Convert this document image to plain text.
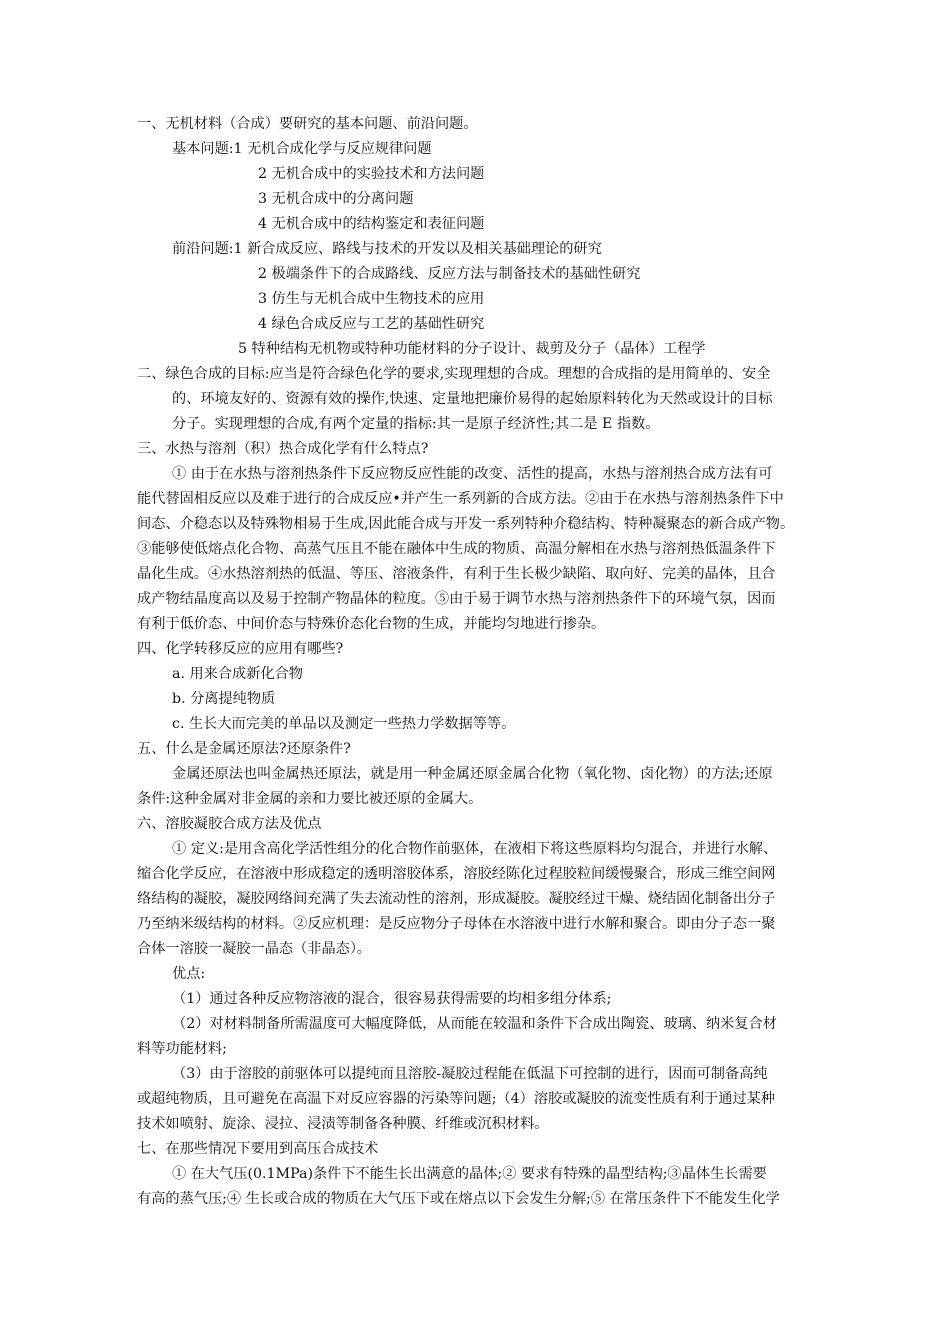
一、无机材料（合成）要研究的基本问题、前沿问题。
基本问题:1 无机合成化学与反应规律问题
2 无机合成中的实验技术和方法问题
3 无机合成中的分离问题
4 无机合成中的结构鉴定和表征问题
前沿问题:1 新合成反应、路线与技术的开发以及相关基础理论的研究
2 极端条件下的合成路线、反应方法与制备技术的基础性研究
3 仿生与无机合成中生物技术的应用
4 绿色合成反应与工艺的基础性研究
5 特种结构无机物或特种功能材料的分子设计、裁剪及分子（晶体）工程学
二、绿色合成的目标:应当是符合绿色化学的要求,实现理想的合成。理想的合成指的是用简单的、安全
的、环境友好的、资源有效的操作,快速、定量地把廉价易得的起始原料转化为天然或设计的目标
分子。实现理想的合成,有两个定量的指标:其一是原子经济性;其二是 E 指数。
三、水热与溶剂（积）热合成化学有什么特点?
① 由于在水热与溶剂热条件下反应物反应性能的改变、活性的提高，水热与溶剂热合成方法有可
能代替固相反应以及难于进行的合成反应•并产生一系列新的合成方法。②由于在水热与溶剂热条件下中
间态、介稳态以及特殊物相易于生成,因此能合成与开发一系列特种介稳结构、特种凝聚态的新合成产物。
③能够使低熔点化合物、高蒸气压且不能在融体中生成的物质、高温分解相在水热与溶剂热低温条件下
晶化生成。④水热溶剂热的低温、等压、溶液条件，有利于生长极少缺陷、取向好、完美的晶体，且合
成产物结晶度高以及易于控制产物晶体的粒度。⑤由于易于调节水热与溶剂热条件下的环境气氛，因而
有利于低价态、中间价态与特殊价态化台物的生成，并能均匀地进行掺杂。
四、化学转移反应的应用有哪些?
a. 用来合成新化合物
b. 分离提纯物质
c. 生长大而完美的单品以及测定一些热力学数据等等。
五、什么是金属还原法?还原条件?
金属还原法也叫金属热还原法，就是用一种金属还原金属合化物（氧化物、卤化物）的方法;还原
条件:这种金属对非金属的亲和力要比被还原的金属大。
六、溶胶凝胶合成方法及优点
① 定义:是用含高化学活性组分的化合物作前驱体，在液相下将这些原料均匀混合，并进行水解、
缩合化学反应，在溶液中形成稳定的透明溶胶体系，溶胶经陈化过程胶粒间缓慢聚合，形成三维空间网
络结构的凝胶，凝胶网络间充满了失去流动性的溶剂，形成凝胶。凝胶经过干燥、烧结固化制备出分子
乃至纳米级结构的材料。②反应机理：是反应物分子母体在水溶液中进行水解和聚合。即由分子态一聚
合体一溶胶一凝胶一晶态（非晶态）。
优点:
（1）通过各种反应物溶液的混合，很容易获得需要的均相多组分体系;
（2）对材料制备所需温度可大幅度降低，从而能在较温和条件下合成出陶瓷、玻璃、纳米复合材
料等功能材料;
（3）由于溶胶的前驱体可以提纯而且溶胶-凝胶过程能在低温下可控制的进行，因而可制备高纯
或超纯物质，且可避免在高温下对反应容器的污染等问题;（4）溶胶或凝胶的流变性质有利于通过某种
技术如喷射、旋涂、浸拉、浸渍等制备各种膜、纤维或沉积材料。
七、在那些情况下要用到高压合成技术
① 在大气压(0.1MPa)条件下不能生长出满意的晶体;② 要求有特殊的晶型结构;③晶体生长需要
有高的蒸气压;④ 生长或合成的物质在大气压下或在熔点以下会发生分解;⑤ 在常压条件下不能发生化学
